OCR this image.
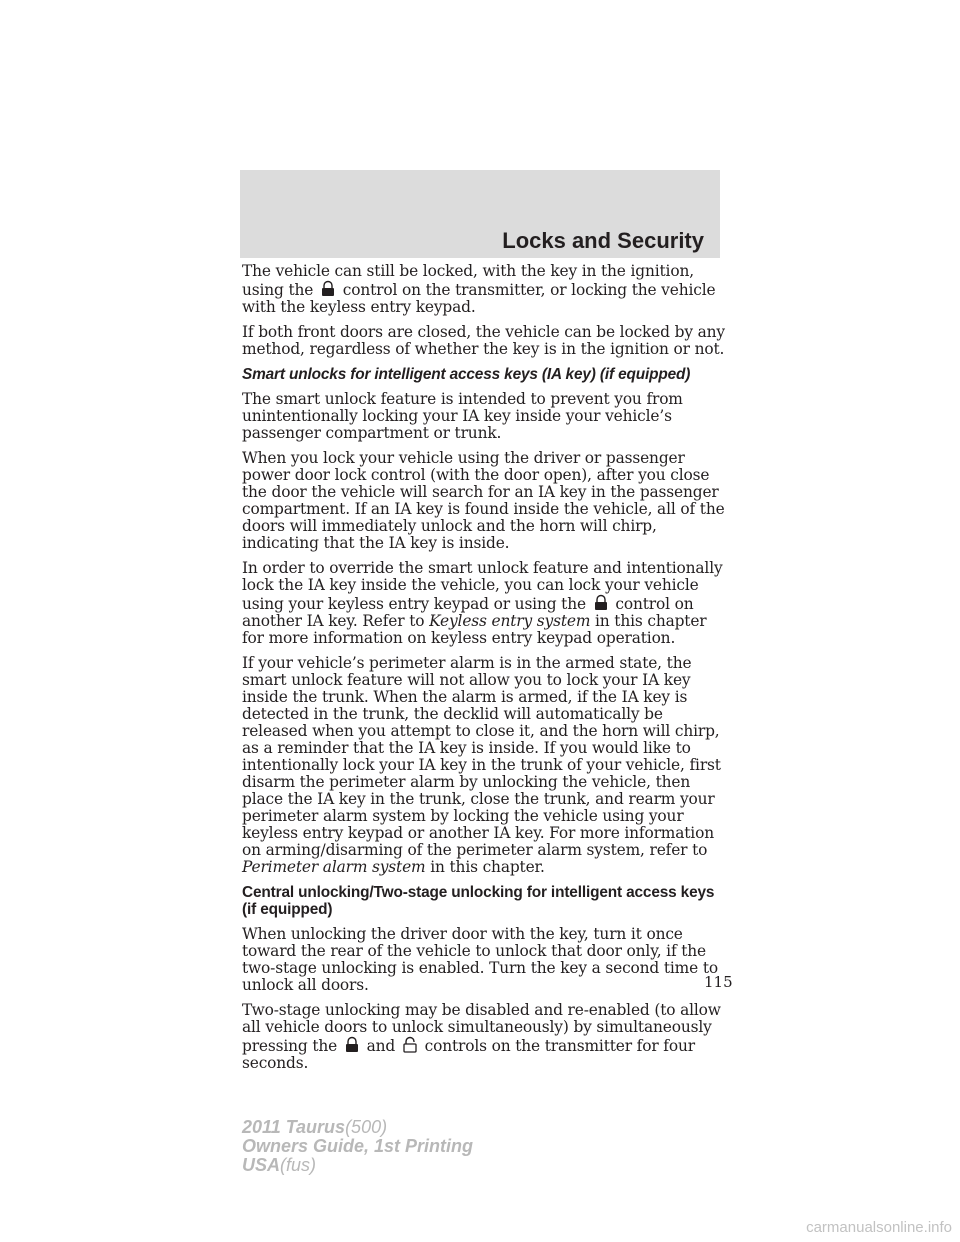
Locks and Security

The vehicle can still be locked, with the key in the ignition, using the control on the transmitter, or locking the vehicle with the keyless entry keypad.

If both front doors are closed, the vehicle can be locked by any method, regardless of whether the key is in the ignition or not.

Smart unlocks for intelligent access keys (IA key) (if equipped)

The smart unlock feature is intended to prevent you from unintentionally locking your IA key inside your vehicle’s passenger compartment or trunk.

When you lock your vehicle using the driver or passenger power door lock control (with the door open), after you close the door the vehicle will search for an IA key in the passenger compartment. If an IA key is found inside the vehicle, all of the doors will immediately unlock and the horn will chirp, indicating that the IA key is inside.

In order to override the smart unlock feature and intentionally lock the IA key inside the vehicle, you can lock your vehicle using your keyless entry keypad or using the control on another IA key. Refer to Keyless entry system in this chapter for more information on keyless entry keypad operation.

If your vehicle’s perimeter alarm is in the armed state, the smart unlock feature will not allow you to lock your IA key inside the trunk. When the alarm is armed, if the IA key is detected in the trunk, the decklid will automatically be released when you attempt to close it, and the horn will chirp, as a reminder that the IA key is inside. If you would like to intentionally lock your IA key in the trunk of your vehicle, first disarm the perimeter alarm by unlocking the vehicle, then place the IA key in the trunk, close the trunk, and rearm your perimeter alarm system by locking the vehicle using your keyless entry keypad or another IA key. For more information on arming/disarming of the perimeter alarm system, refer to Perimeter alarm system in this chapter.

Central unlocking/Two-stage unlocking for intelligent access keys (if equipped)

When unlocking the driver door with the key, turn it once toward the rear of the vehicle to unlock that door only, if the two-stage unlocking is enabled. Turn the key a second time to unlock all doors.

Two-stage unlocking may be disabled and re-enabled (to allow all vehicle doors to unlock simultaneously) by simultaneously pressing the and controls on the transmitter for four seconds.

115

2011 Taurus(500)
Owners Guide, 1st Printing
USA(fus)
carmanualsonline.info
